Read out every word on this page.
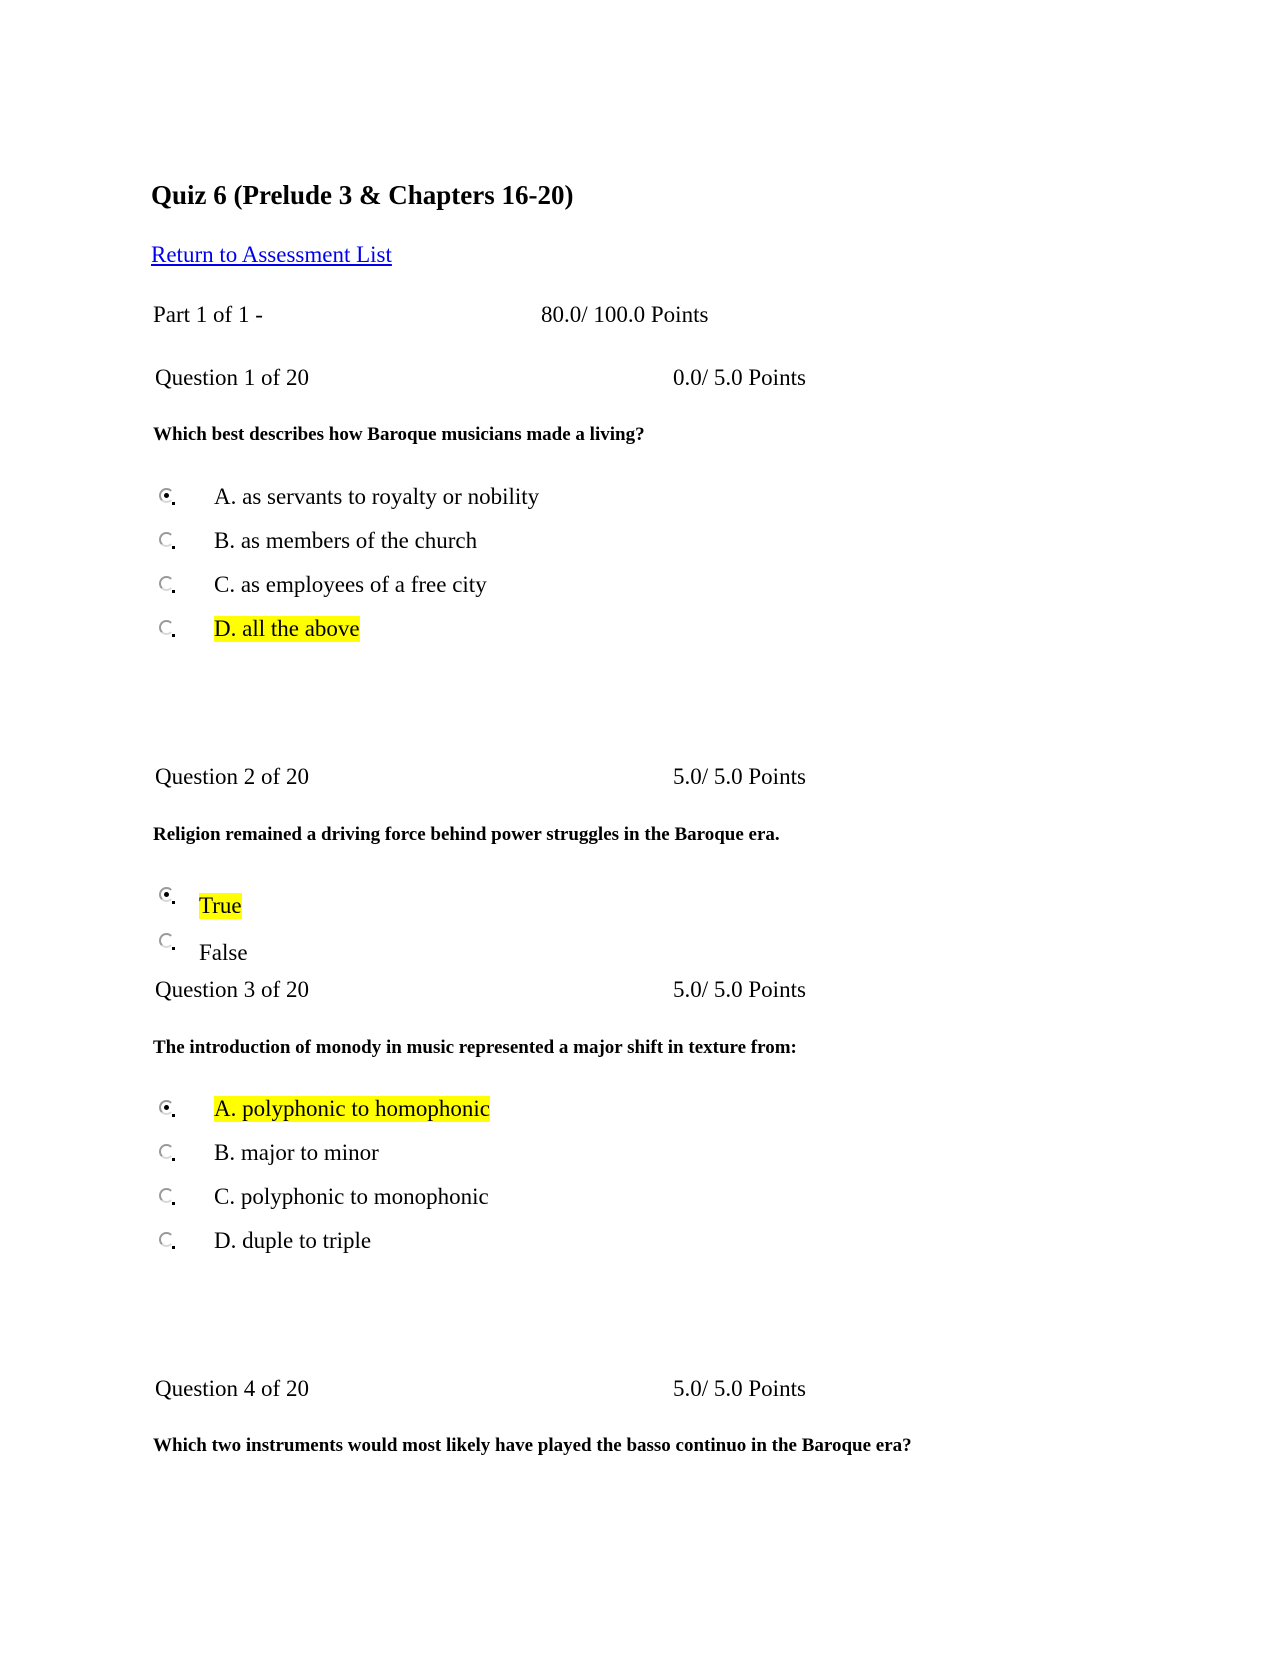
Quiz 6 (Prelude 3 & Chapters 16-20)
Return to Assessment List
Part 1 of 1 -	80.0/ 100.0 Points
Question 1 of 20	0.0/ 5.0 Points
Which best describes how Baroque musicians made a living?
A. as servants to royalty or nobility
B. as members of the church
C. as employees of a free city
D. all the above
Question 2 of 20	5.0/ 5.0 Points
Religion remained a driving force behind power struggles in the Baroque era.
True
False
Question 3 of 20	5.0/ 5.0 Points
The introduction of monody in music represented a major shift in texture from:
A. polyphonic to homophonic
B. major to minor
C. polyphonic to monophonic
D. duple to triple
Question 4 of 20	5.0/ 5.0 Points
Which two instruments would most likely have played the basso continuo in the Baroque era?
